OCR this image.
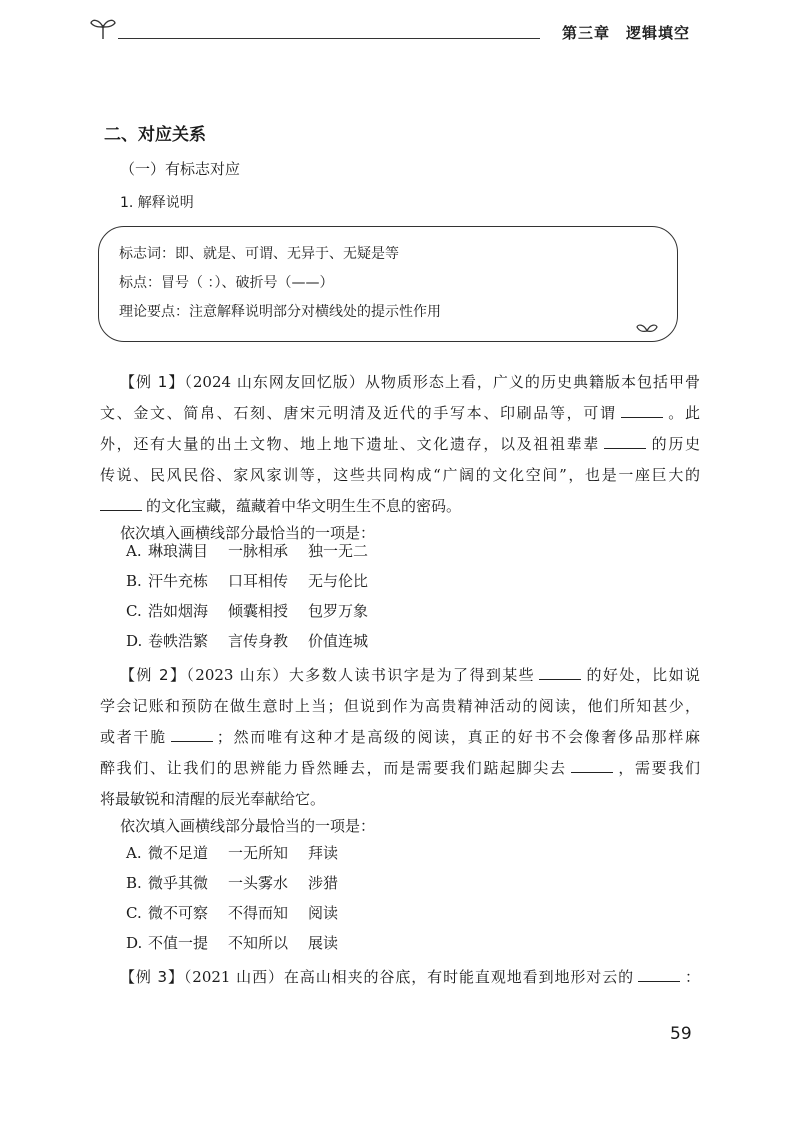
第三章　逻辑填空
二、对应关系
（一）有标志对应
1. 解释说明
标志词：即、就是、可谓、无异于、无疑是等
标点：冒号（ ：）、破折号（——）
理论要点：注意解释说明部分对横线处的提示性作用
【例 1】（2024 山东网友回忆版）从物质形态上看，广义的历史典籍版本包括甲骨
文、金文、简帛、石刻、唐宋元明清及近代的手写本、印刷品等，可谓	。此
外，还有大量的出土文物、地上地下遗址、文化遗存，以及祖祖辈辈	的历史
传说、民风民俗、家风家训等，这些共同构成“广阔的文化空间”，也是一座巨大的
的文化宝藏，蕴藏着中华文明生生不息的密码。
依次填入画横线部分最恰当的一项是：
A. 琳琅满目 一脉相承 独一无二
B. 汗牛充栋 口耳相传 无与伦比
C. 浩如烟海 倾囊相授 包罗万象
D. 卷帙浩繁 言传身教 价值连城
【例 2】（2023 山东）大多数人读书识字是为了得到某些	的好处，比如说
学会记账和预防在做生意时上当；但说到作为高贵精神活动的阅读，他们所知甚少，
或者干脆	；然而唯有这种才是高级的阅读，真正的好书不会像奢侈品那样麻
醉我们、让我们的思辨能力昏然睡去，而是需要我们踮起脚尖去	，需要我们
将最敏锐和清醒的辰光奉献给它。
依次填入画横线部分最恰当的一项是：
A. 微不足道 一无所知 拜读
B. 微乎其微 一头雾水 涉猎
C. 微不可察 不得而知 阅读
D. 不值一提 不知所以 展读
【例 3】（2021 山西）在高山相夹的谷底，有时能直观地看到地形对云的	：
59
